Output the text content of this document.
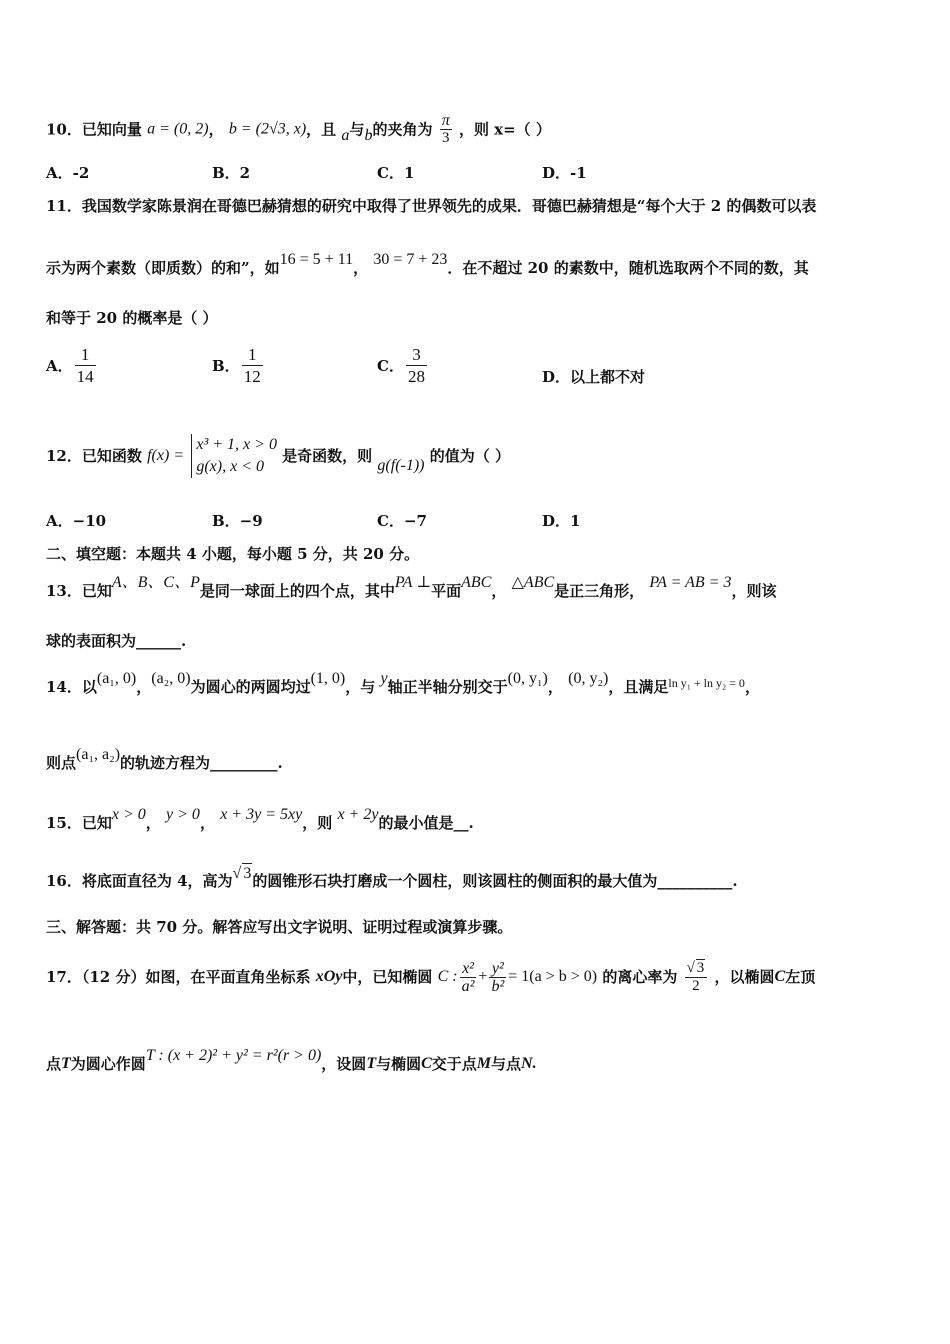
10．已知向量 a = (0, 2)， b = (2√3, x)，且 a与b的夹角为 $\frac{\pi}{3}$ ，则 x=（ ）
A．-2	B．2	C．1	D．-1
11．我国数学家陈景润在哥德巴赫猜想的研究中取得了世界领先的成果．哥德巴赫猜想是“每个大于 2 的偶数可以表
示为两个素数（即质数）的和”，如16 = 5 + 11， 30 = 7 + 23．在不超过 20 的素数中，随机选取两个不同的数，其
和等于 20 的概率是（ ）
A． $\frac{1}{14}$	B． $\frac{1}{12}$	C． $\frac{3}{28}$	D．以上都不对
12．已知函数 f(x) =
x³ + 1, x > 0
g(x), x < 0
是奇函数，则 g(f(-1)) 的值为（ ）
A．−10	B．−9	C．−7	D．1
二、填空题：本题共 4 小题，每小题 5 分，共 20 分。
13．已知A、B、C、P是同一球面上的四个点，其中PA ⊥平面ABC， △ABC是正三角形， PA = AB = 3，则该
球的表面积为______.
14．以(a₁, 0)，(a₂, 0)为圆心的两圆均过(1, 0)，与 y轴正半轴分别交于(0, y₁)， (0, y₂)，且满足$^{ln y_1 + ln y_2 = 0}$，
则点(a₁, a₂)的轨迹方程为_________.
15．已知x > 0， y > 0， x + 3y = 5xy，则 x + 2y的最小值是__.
16．将底面直径为 4，高为√ 3的圆锥形石块打磨成一个圆柱，则该圆柱的侧面积的最大值为__________.
三、解答题：共 70 分。解答应写出文字说明、证明过程或演算步骤。
17．（12 分）如图，在平面直角坐标系 xOy中，已知椭圆 C : $\frac{\text{x²}}{\text{a²}} + \frac{\text{y²}}{\text{b²}} = 1(a > b > 0)$ 的离心率为 $\frac{√ 3}{2}$ ，以椭圆C左顶
点T为圆心作圆T : (x + 2)² + y² = r²(r > 0)，设圆T与椭圆C交于点M与点N.
